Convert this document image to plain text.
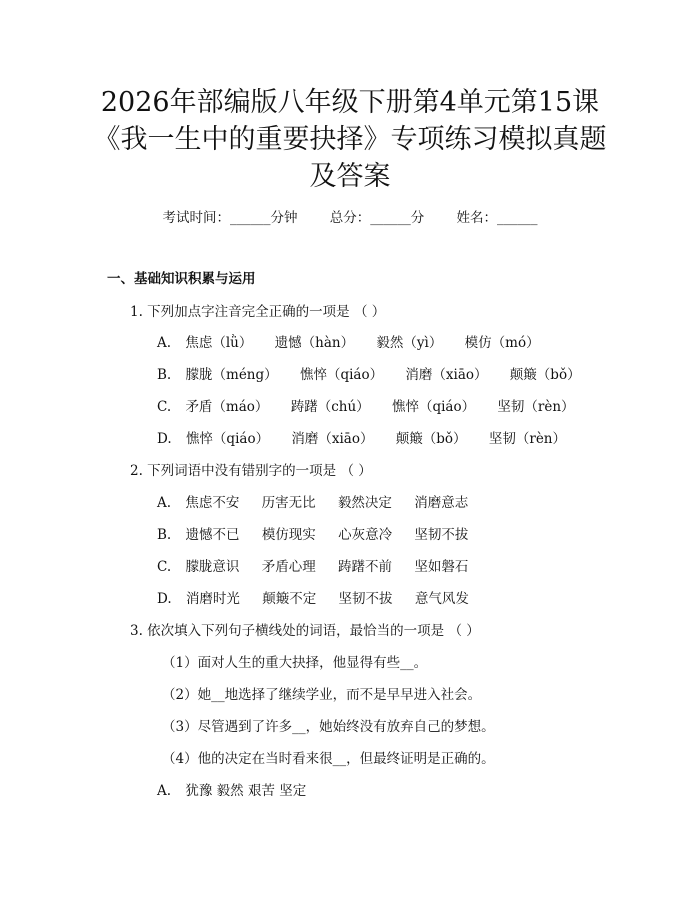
2026年部编版八年级下册第4单元第15课
《我一生中的重要抉择》专项练习模拟真题
及答案
考试时间：______分钟 总分：______分 姓名：______
一、基础知识积累与运用
1. 下列加点字注音完全正确的一项是 （ ）
A. 焦虑（lǜ） 遗憾（hàn） 毅然（yì） 模仿（mó）
B. 朦胧（méng） 憔悴（qiáo） 消磨（xiāo） 颠簸（bǒ）
C. 矛盾（máo） 踌躇（chú） 憔悴（qiáo） 坚韧（rèn）
D. 憔悴（qiáo） 消磨（xiāo） 颠簸（bǒ） 坚韧（rèn）
2. 下列词语中没有错别字的一项是 （ ）
A. 焦虑不安 历害无比 毅然决定 消磨意志
B. 遗憾不已 模仿现实 心灰意冷 坚韧不拔
C. 朦胧意识 矛盾心理 踌躇不前 坚如磐石
D. 消磨时光 颠簸不定 坚韧不拔 意气风发
3. 依次填入下列句子横线处的词语，最恰当的一项是 （ ）
（1）面对人生的重大抉择，他显得有些__。
（2）她__地选择了继续学业，而不是早早进入社会。
（3）尽管遇到了许多__，她始终没有放弃自己的梦想。
（4）他的决定在当时看来很__，但最终证明是正确的。
A. 犹豫 毅然 艰苦 坚定
